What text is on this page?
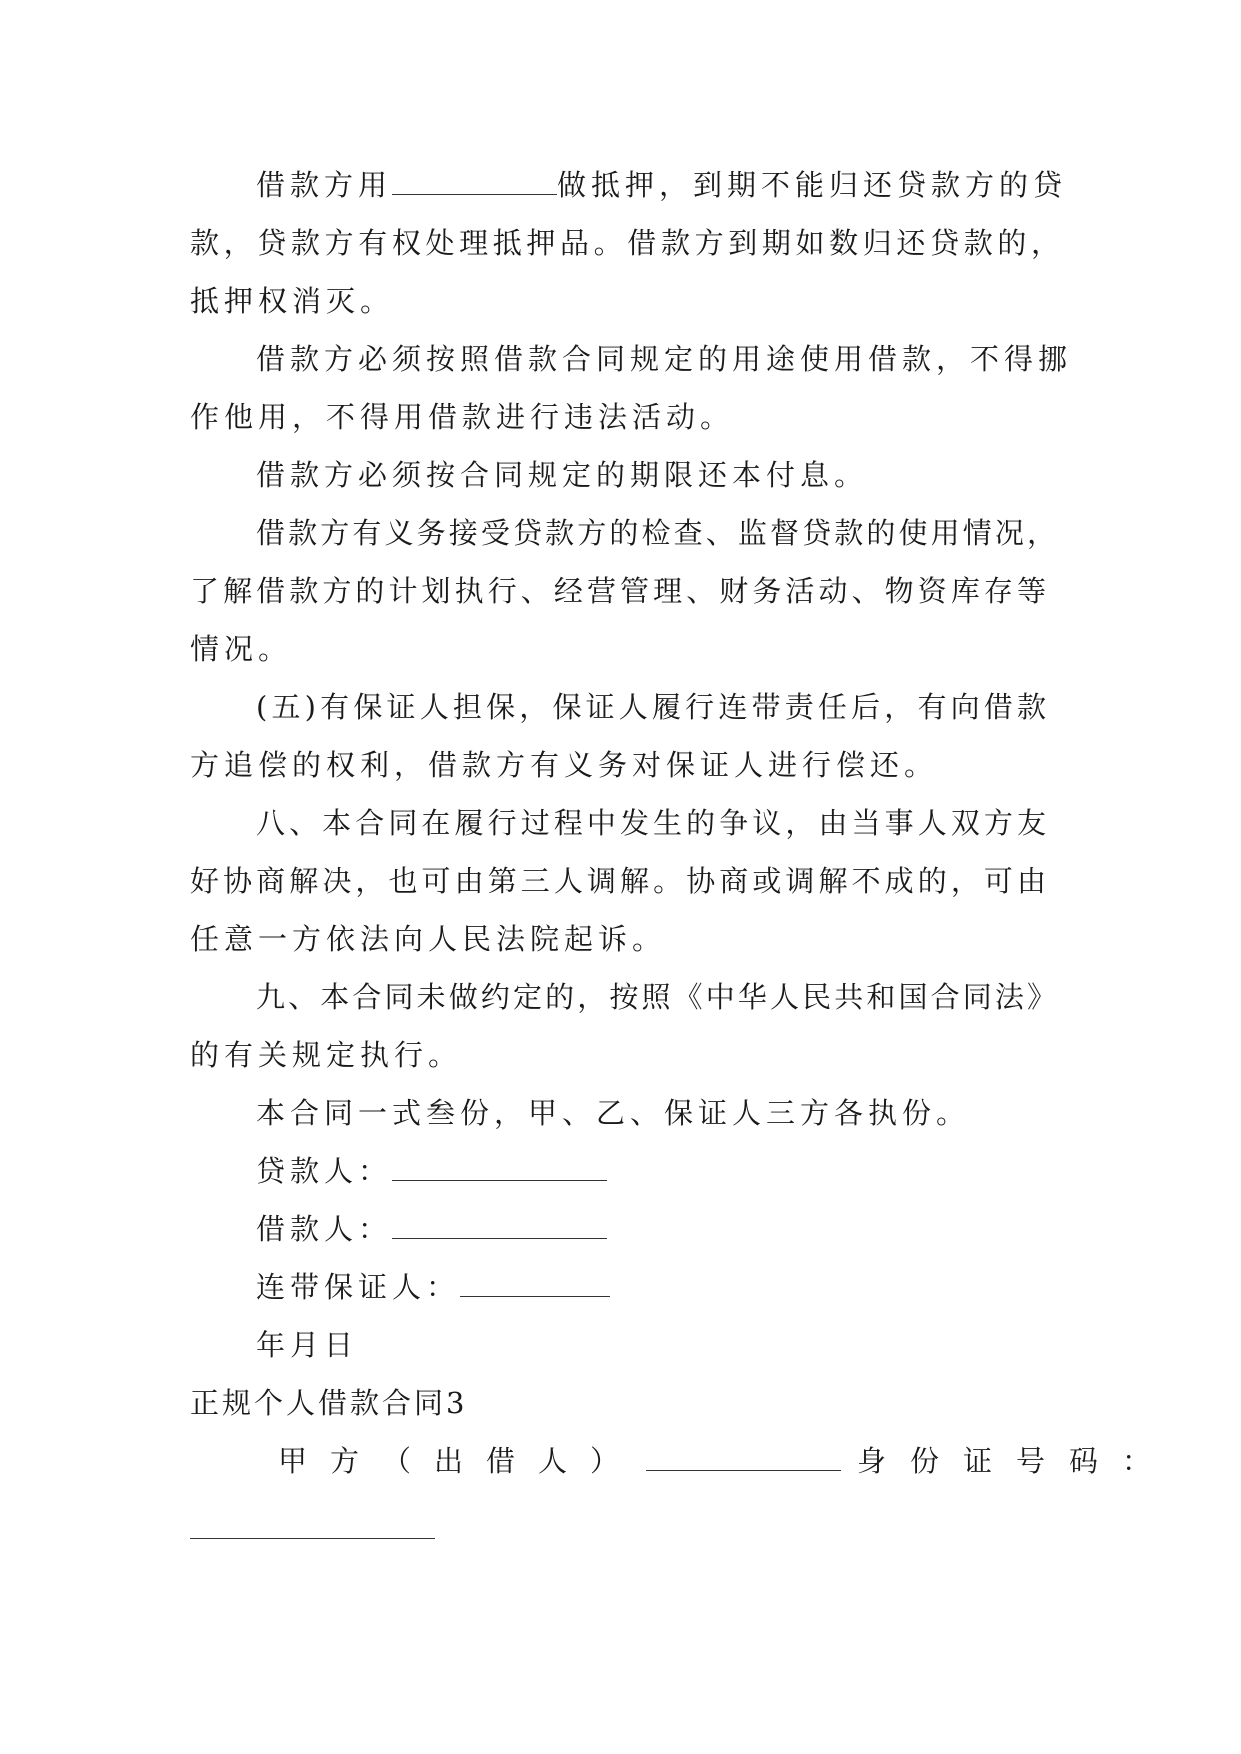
借款方用	做抵押，到期不能归还贷款方的贷
款，贷款方有权处理抵押品。借款方到期如数归还贷款的，
抵押权消灭。
借款方必须按照借款合同规定的用途使用借款，不得挪
作他用，不得用借款进行违法活动。
借款方必须按合同规定的期限还本付息。
借款方有义务接受贷款方的检查、监督贷款的使用情况，
了解借款方的计划执行、经营管理、财务活动、物资库存等
情况。
(五)有保证人担保，保证人履行连带责任后，有向借款
方追偿的权利，借款方有义务对保证人进行偿还。
八、本合同在履行过程中发生的争议，由当事人双方友
好协商解决，也可由第三人调解。协商或调解不成的，可由
任意一方依法向人民法院起诉。
九、本合同未做约定的，按照《中华人民共和国合同法》
的有关规定执行。
本合同一式叁份，甲、乙、保证人三方各执份。
贷款人：
借款人：
连带保证人：
年月日
正规个人借款合同3
甲方（出借人）	身份证号码：
